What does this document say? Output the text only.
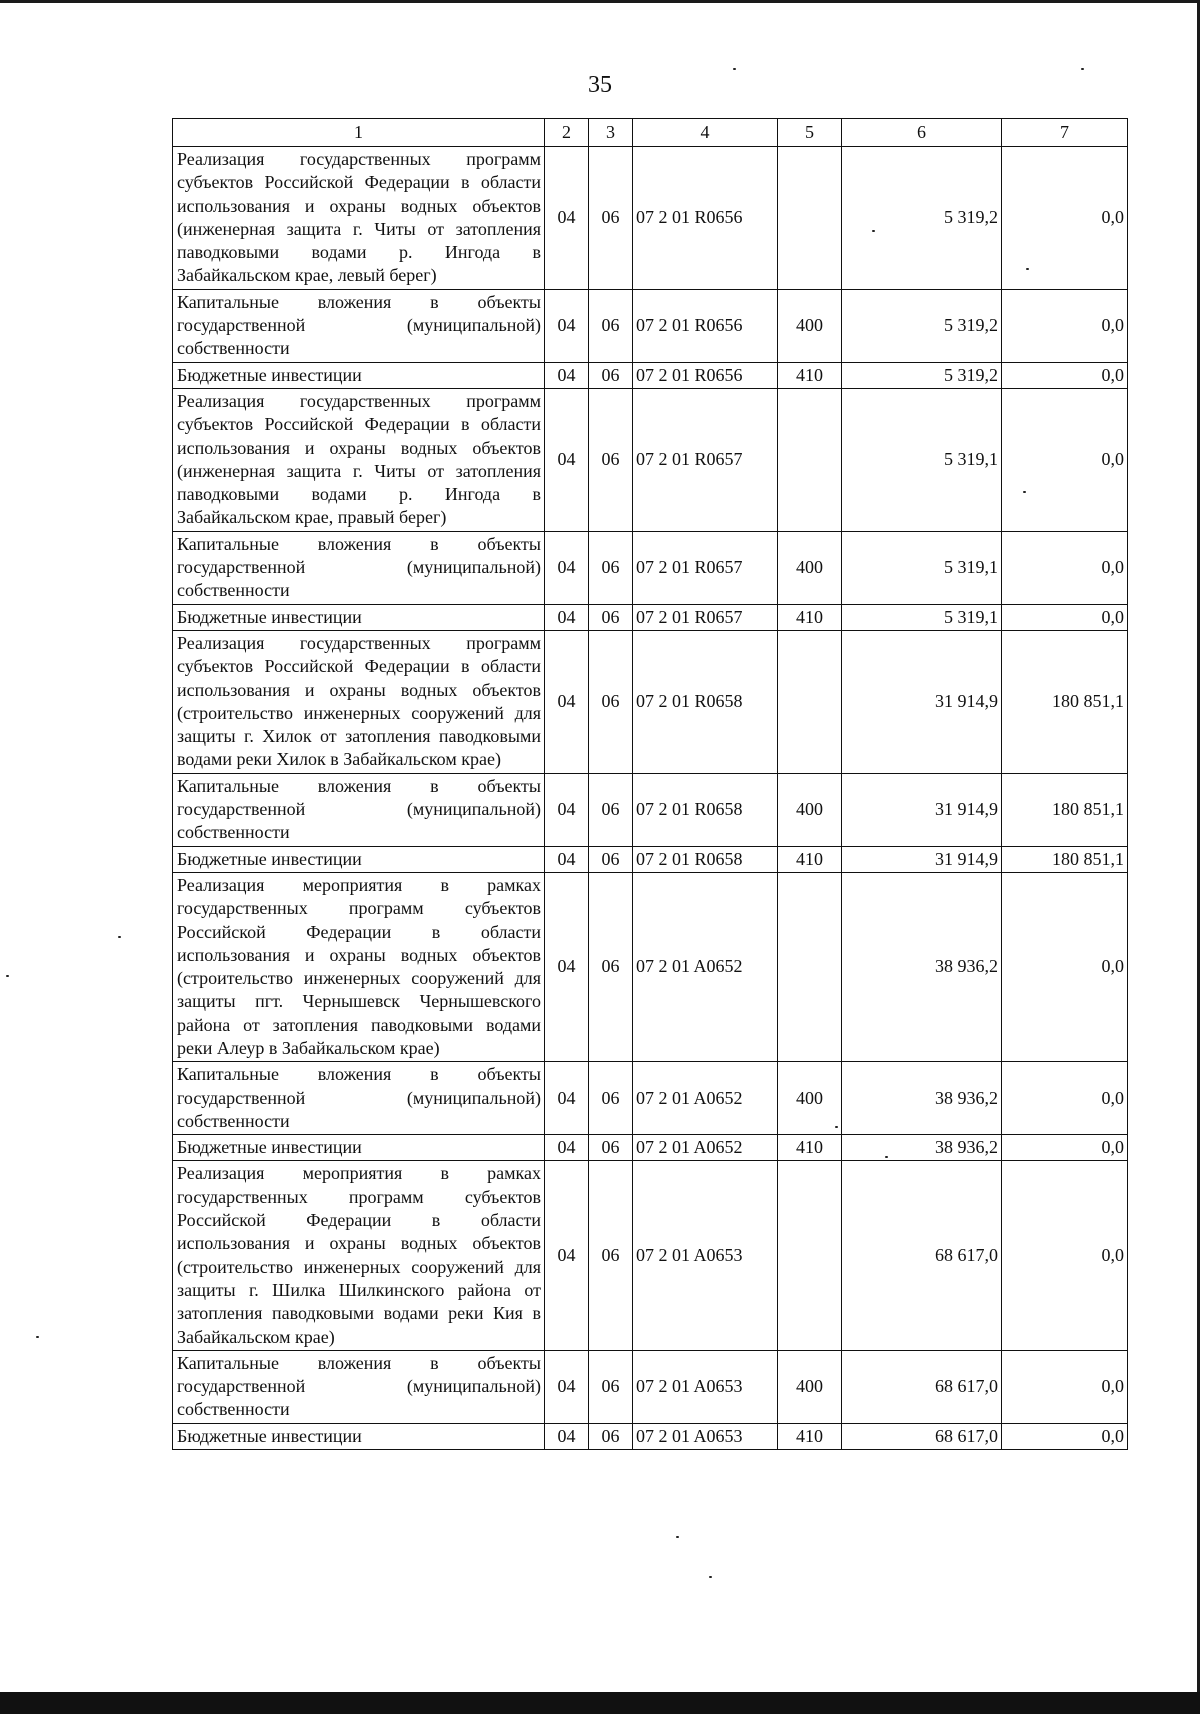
35
1	2	3	4	5	6	7
Реализация государственных программ субъектов Российской Федерации в области использования и охраны водных объектов (инженерная защита г. Читы от затопления паводковыми водами р. Ингода в Забайкальском крае, левый берег)	04	06	07 2 01 R0656		5 319,2	0,0
Капитальные вложения в объекты государственной (муниципальной) собственности	04	06	07 2 01 R0656	400	5 319,2	0,0
Бюджетные инвестиции	04	06	07 2 01 R0656	410	5 319,2	0,0
Реализация государственных программ субъектов Российской Федерации в области использования и охраны водных объектов (инженерная защита г. Читы от затопления паводковыми водами р. Ингода в Забайкальском крае, правый берег)	04	06	07 2 01 R0657		5 319,1	0,0
Капитальные вложения в объекты государственной (муниципальной) собственности	04	06	07 2 01 R0657	400	5 319,1	0,0
Бюджетные инвестиции	04	06	07 2 01 R0657	410	5 319,1	0,0
Реализация государственных программ субъектов Российской Федерации в области использования и охраны водных объектов (строительство инженерных сооружений для защиты г. Хилок от затопления паводковыми водами реки Хилок в Забайкальском крае)	04	06	07 2 01 R0658		31 914,9	180 851,1
Капитальные вложения в объекты государственной (муниципальной) собственности	04	06	07 2 01 R0658	400	31 914,9	180 851,1
Бюджетные инвестиции	04	06	07 2 01 R0658	410	31 914,9	180 851,1
Реализация мероприятия в рамках государственных программ субъектов Российской Федерации в области использования и охраны водных объектов (строительство инженерных сооружений для защиты пгт. Чернышевск Чернышевского района от затопления паводковыми водами реки Алеур в Забайкальском крае)	04	06	07 2 01 A0652		38 936,2	0,0
Капитальные вложения в объекты государственной (муниципальной) собственности	04	06	07 2 01 A0652	400	38 936,2	0,0
Бюджетные инвестиции	04	06	07 2 01 A0652	410	38 936,2	0,0
Реализация мероприятия в рамках государственных программ субъектов Российской Федерации в области использования и охраны водных объектов (строительство инженерных сооружений для защиты г. Шилка Шилкинского района от затопления паводковыми водами реки Кия в Забайкальском крае)	04	06	07 2 01 A0653		68 617,0	0,0
Капитальные вложения в объекты государственной (муниципальной) собственности	04	06	07 2 01 A0653	400	68 617,0	0,0
Бюджетные инвестиции	04	06	07 2 01 A0653	410	68 617,0	0,0
